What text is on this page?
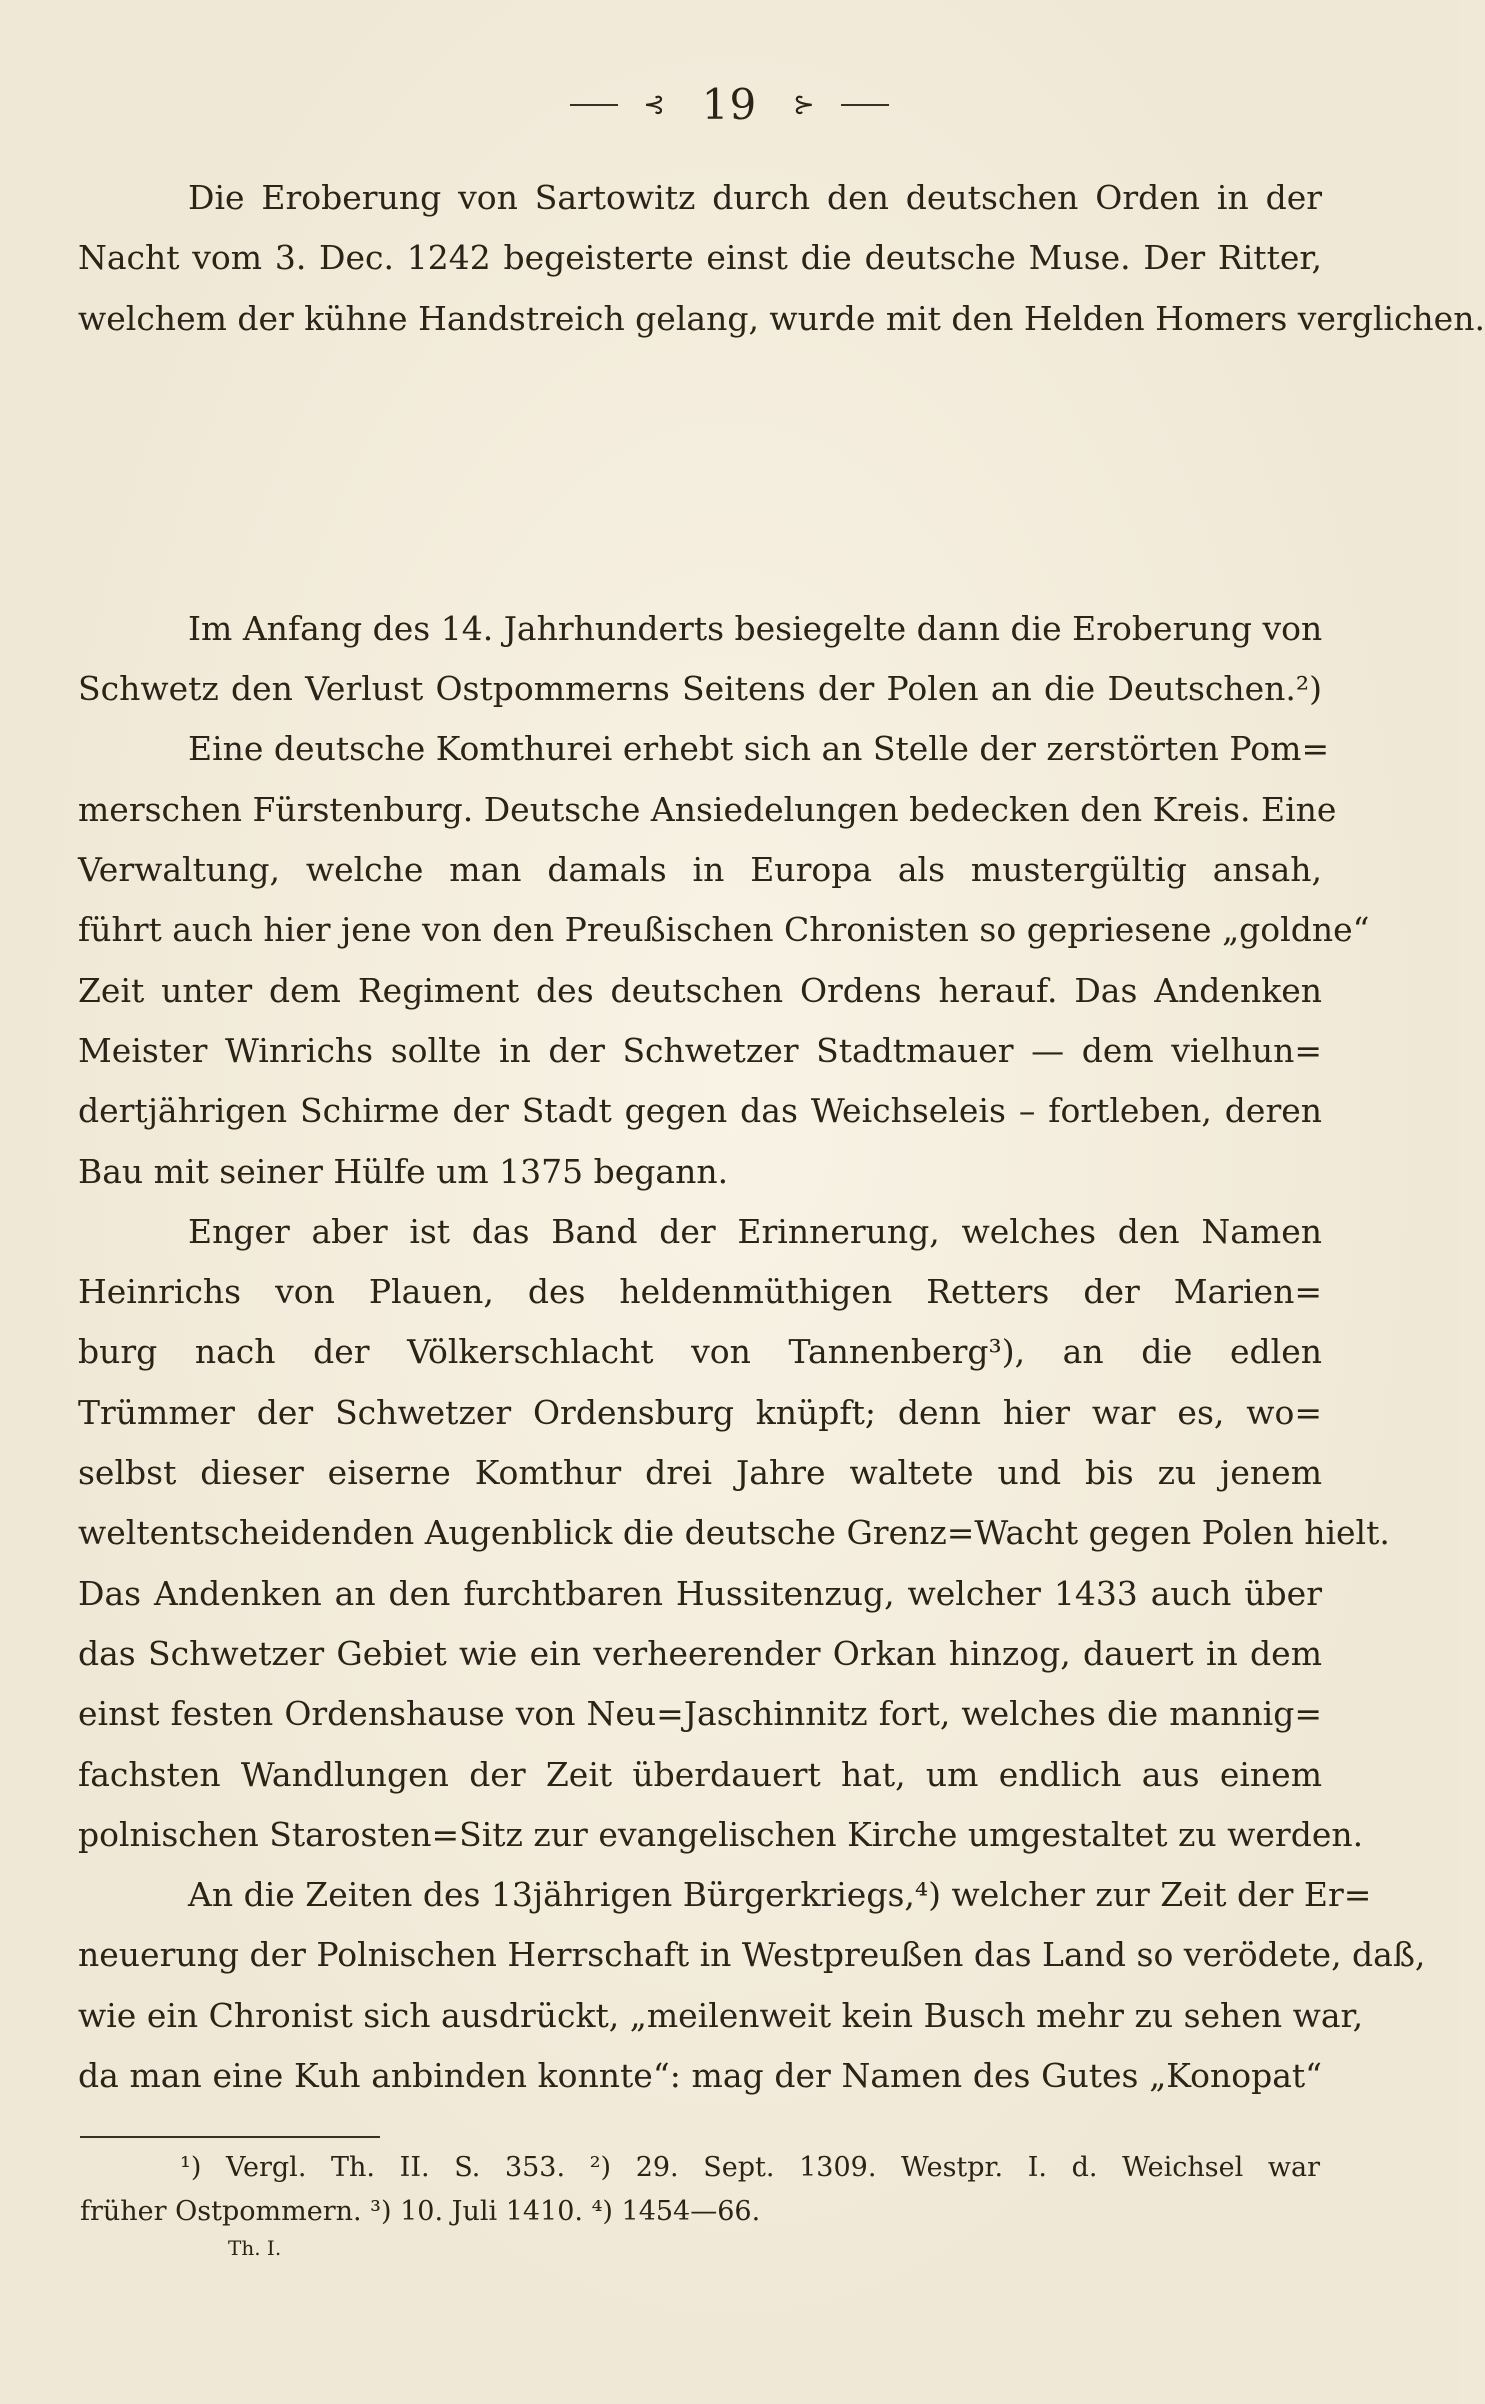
⊰ 19 ⊱
Die Eroberung von Sartowitz durch den deutschen Orden in der
Nacht vom 3. Dec. 1242 begeisterte einst die deutsche Muse. Der Ritter,
welchem der kühne Handstreich gelang, wurde mit den Helden Homers verglichen.
Im Anfang des 14. Jahrhunderts besiegelte dann die Eroberung von
Schwetz den Verlust Ostpommerns Seitens der Polen an die Deutschen.²)
Eine deutsche Komthurei erhebt sich an Stelle der zerstörten Pom=
merschen Fürstenburg. Deutsche Ansiedelungen bedecken den Kreis. Eine
Verwaltung, welche man damals in Europa als mustergültig ansah,
führt auch hier jene von den Preußischen Chronisten so gepriesene „goldne“
Zeit unter dem Regiment des deutschen Ordens herauf. Das Andenken
Meister Winrichs sollte in der Schwetzer Stadtmauer — dem vielhun=
dertjährigen Schirme der Stadt gegen das Weichseleis – fortleben, deren
Bau mit seiner Hülfe um 1375 begann.
Enger aber ist das Band der Erinnerung, welches den Namen
Heinrichs von Plauen, des heldenmüthigen Retters der Marien=
burg nach der Völkerschlacht von Tannenberg³), an die edlen
Trümmer der Schwetzer Ordensburg knüpft; denn hier war es, wo=
selbst dieser eiserne Komthur drei Jahre waltete und bis zu jenem
weltentscheidenden Augenblick die deutsche Grenz=Wacht gegen Polen hielt.
Das Andenken an den furchtbaren Hussitenzug, welcher 1433 auch über
das Schwetzer Gebiet wie ein verheerender Orkan hinzog, dauert in dem
einst festen Ordenshause von Neu=Jaschinnitz fort, welches die mannig=
fachsten Wandlungen der Zeit überdauert hat, um endlich aus einem
polnischen Starosten=Sitz zur evangelischen Kirche umgestaltet zu werden.
An die Zeiten des 13jährigen Bürgerkriegs,⁴) welcher zur Zeit der Er=
neuerung der Polnischen Herrschaft in Westpreußen das Land so verödete, daß,
wie ein Chronist sich ausdrückt, „meilenweit kein Busch mehr zu sehen war,
da man eine Kuh anbinden konnte“: mag der Namen des Gutes „Konopat“
¹) Vergl. Th. II. S. 353. ²) 29. Sept. 1309. Westpr. I. d. Weichsel war
früher Ostpommern. ³) 10. Juli 1410. ⁴) 1454—66.
Th. I.
